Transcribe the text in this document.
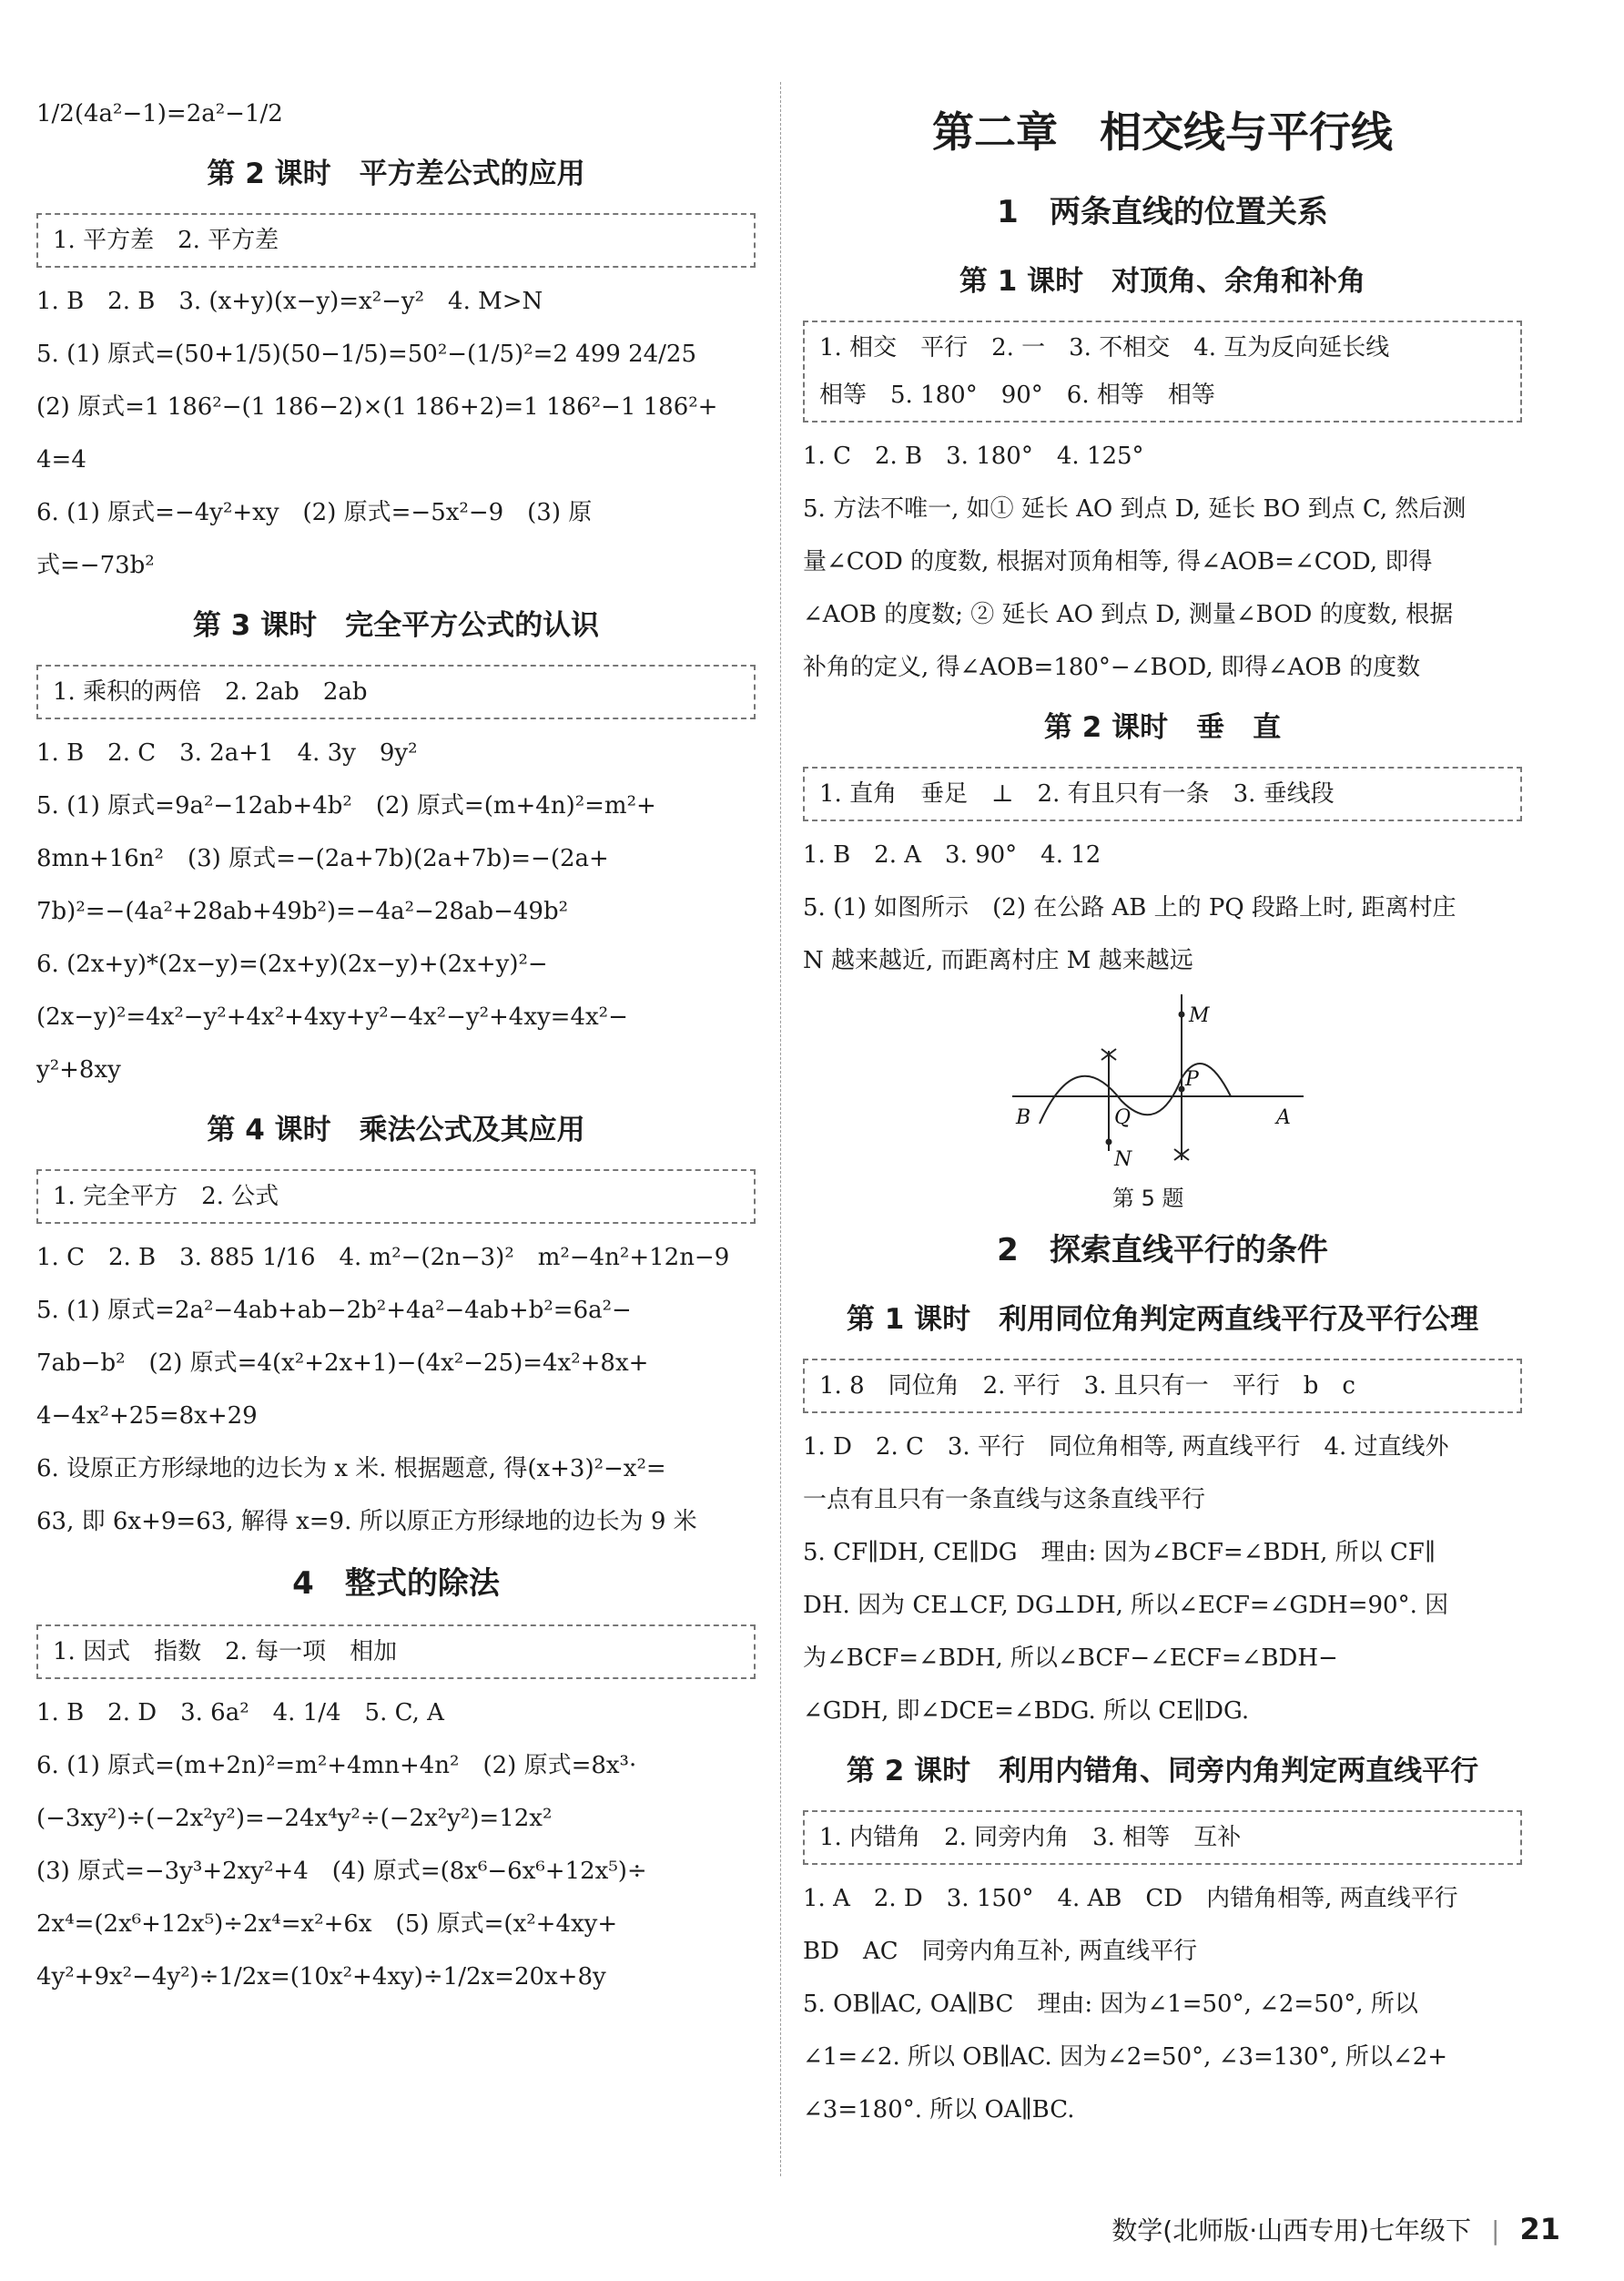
1/2(4a²−1)=2a²−1/2
第 2 课时　平方差公式的应用
1. 平方差　2. 平方差
1. B　2. B　3. (x+y)(x−y)=x²−y²　4. M>N
5. (1) 原式=(50+1/5)(50−1/5)=50²−(1/5)²=2 499 24/25
(2) 原式=1 186²−(1 186−2)×(1 186+2)=1 186²−1 186²+
4=4
6. (1) 原式=−4y²+xy　(2) 原式=−5x²−9　(3) 原
式=−73b²
第 3 课时　完全平方公式的认识
1. 乘积的两倍　2. 2ab　2ab
1. B　2. C　3. 2a+1　4. 3y　9y²
5. (1) 原式=9a²−12ab+4b²　(2) 原式=(m+4n)²=m²+
8mn+16n²　(3) 原式=−(2a+7b)(2a+7b)=−(2a+
7b)²=−(4a²+28ab+49b²)=−4a²−28ab−49b²
6. (2x+y)*(2x−y)=(2x+y)(2x−y)+(2x+y)²−
(2x−y)²=4x²−y²+4x²+4xy+y²−4x²−y²+4xy=4x²−
y²+8xy
第 4 课时　乘法公式及其应用
1. 完全平方　2. 公式
1. C　2. B　3. 885 1/16　4. m²−(2n−3)²　m²−4n²+12n−9
5. (1) 原式=2a²−4ab+ab−2b²+4a²−4ab+b²=6a²−
7ab−b²　(2) 原式=4(x²+2x+1)−(4x²−25)=4x²+8x+
4−4x²+25=8x+29
6. 设原正方形绿地的边长为 x 米. 根据题意, 得(x+3)²−x²=
63, 即 6x+9=63, 解得 x=9. 所以原正方形绿地的边长为 9 米
4　整式的除法
1. 因式　指数　2. 每一项　相加
1. B　2. D　3. 6a²　4. 1/4　5. C, A
6. (1) 原式=(m+2n)²=m²+4mn+4n²　(2) 原式=8x³·
(−3xy²)÷(−2x²y²)=−24x⁴y²÷(−2x²y²)=12x²
(3) 原式=−3y³+2xy²+4　(4) 原式=(8x⁶−6x⁶+12x⁵)÷
2x⁴=(2x⁶+12x⁵)÷2x⁴=x²+6x　(5) 原式=(x²+4xy+
4y²+9x²−4y²)÷1/2x=(10x²+4xy)÷1/2x=20x+8y
第二章　相交线与平行线
1　两条直线的位置关系
第 1 课时　对顶角、余角和补角
1. 相交　平行　2. 一　3. 不相交　4. 互为反向延长线
相等　5. 180°　90°　6. 相等　相等
1. C　2. B　3. 180°　4. 125°
5. 方法不唯一, 如① 延长 AO 到点 D, 延长 BO 到点 C, 然后测
量∠COD 的度数, 根据对顶角相等, 得∠AOB=∠COD, 即得
∠AOB 的度数; ② 延长 AO 到点 D, 测量∠BOD 的度数, 根据
补角的定义, 得∠AOB=180°−∠BOD, 即得∠AOB 的度数
第 2 课时　垂　直
1. 直角　垂足　⊥　2. 有且只有一条　3. 垂线段
1. B　2. A　3. 90°　4. 12
5. (1) 如图所示　(2) 在公路 AB 上的 PQ 段路上时, 距离村庄
N 越来越近, 而距离村庄 M 越来越远
M
P
B	Q	A
N
第 5 题
2　探索直线平行的条件
第 1 课时　利用同位角判定两直线平行及平行公理
1. 8　同位角　2. 平行　3. 且只有一　平行　b　c
1. D　2. C　3. 平行　同位角相等, 两直线平行　4. 过直线外
一点有且只有一条直线与这条直线平行
5. CF∥DH, CE∥DG　理由: 因为∠BCF=∠BDH, 所以 CF∥
DH. 因为 CE⊥CF, DG⊥DH, 所以∠ECF=∠GDH=90°. 因
为∠BCF=∠BDH, 所以∠BCF−∠ECF=∠BDH−
∠GDH, 即∠DCE=∠BDG. 所以 CE∥DG.
第 2 课时　利用内错角、同旁内角判定两直线平行
1. 内错角　2. 同旁内角　3. 相等　互补
1. A　2. D　3. 150°　4. AB　CD　内错角相等, 两直线平行
BD　AC　同旁内角互补, 两直线平行
5. OB∥AC, OA∥BC　理由: 因为∠1=50°, ∠2=50°, 所以
∠1=∠2. 所以 OB∥AC. 因为∠2=50°, ∠3=130°, 所以∠2+
∠3=180°. 所以 OA∥BC.
数学(北师版·山西专用)七年级下 | 21
